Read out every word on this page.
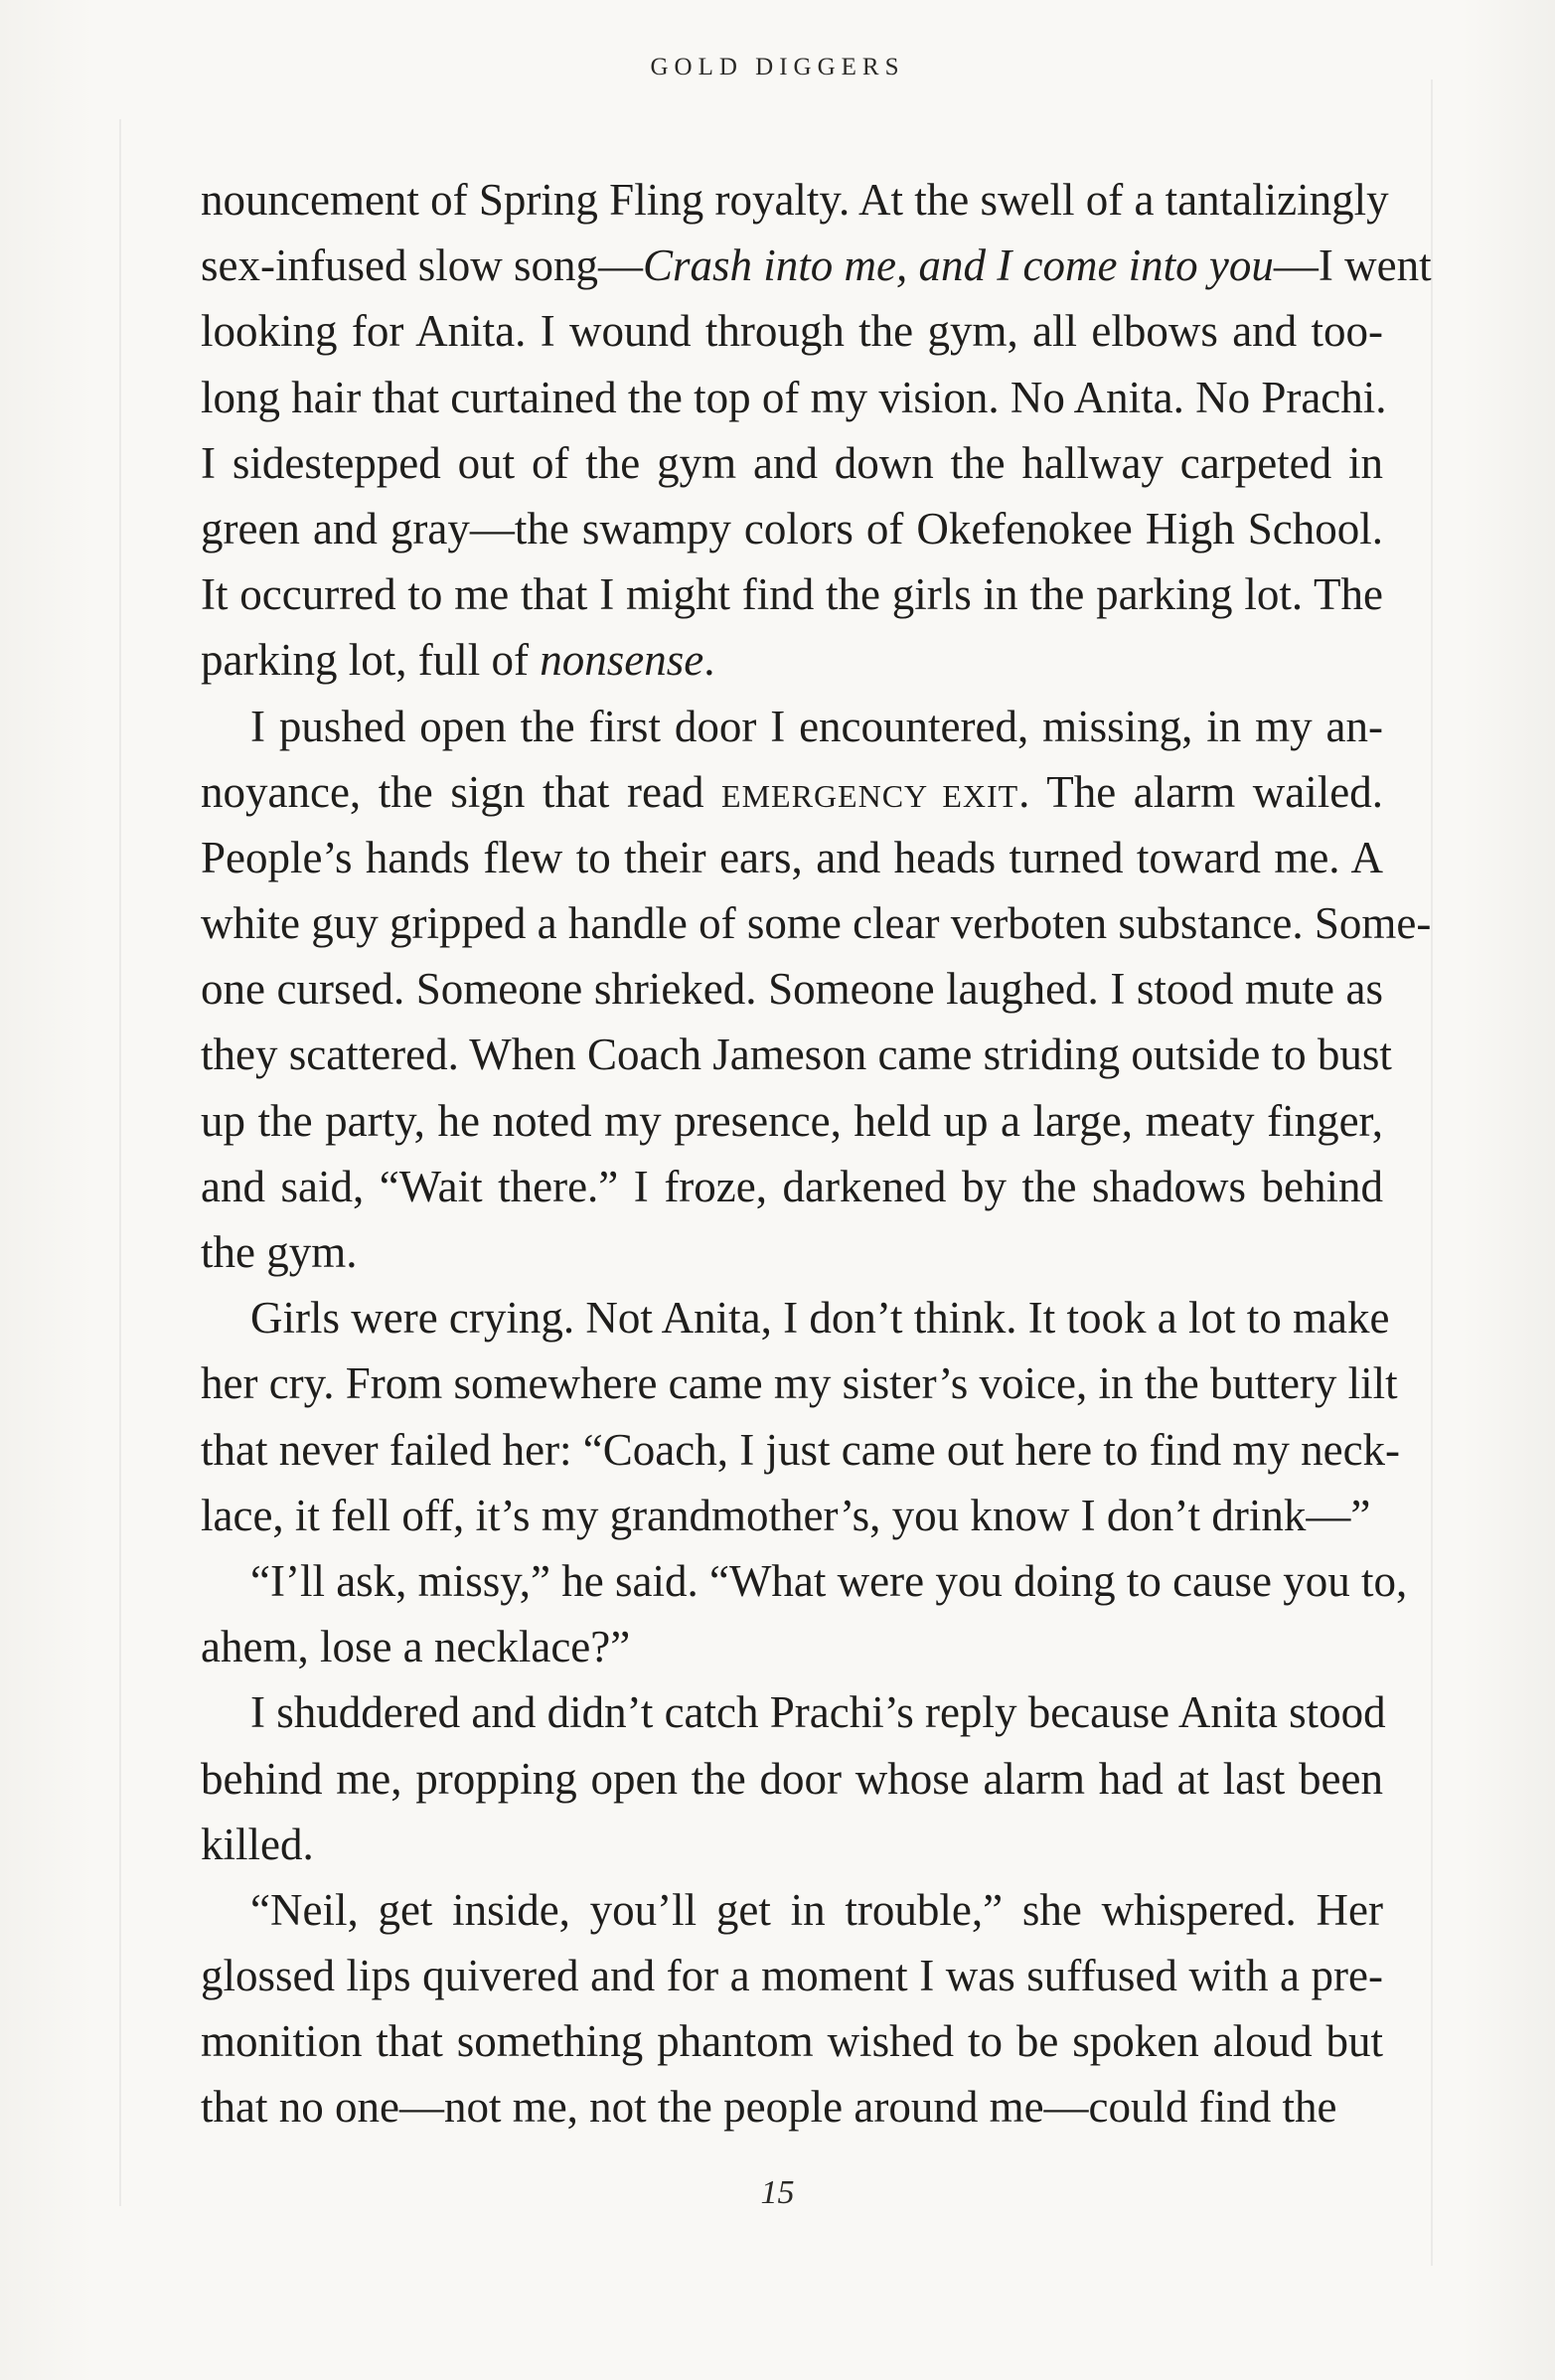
GOLD DIGGERS
nouncement of Spring Fling royalty. At the swell of a tantalizingly
sex-infused slow song—Crash into me, and I come into you—I went
looking for Anita. I wound through the gym, all elbows and too-
long hair that curtained the top of my vision. No Anita. No Prachi.
I sidestepped out of the gym and down the hallway carpeted in
green and gray—the swampy colors of Okefenokee High School.
It occurred to me that I might find the girls in the parking lot. The
parking lot, full of nonsense.
I pushed open the first door I encountered, missing, in my an-
noyance, the sign that read EMERGENCY EXIT. The alarm wailed.
People’s hands flew to their ears, and heads turned toward me. A
white guy gripped a handle of some clear verboten substance. Some-
one cursed. Someone shrieked. Someone laughed. I stood mute as
they scattered. When Coach Jameson came striding outside to bust
up the party, he noted my presence, held up a large, meaty finger,
and said, “Wait there.” I froze, darkened by the shadows behind
the gym.
Girls were crying. Not Anita, I don’t think. It took a lot to make
her cry. From somewhere came my sister’s voice, in the buttery lilt
that never failed her: “Coach, I just came out here to find my neck-
lace, it fell off, it’s my grandmother’s, you know I don’t drink—”
“I’ll ask, missy,” he said. “What were you doing to cause you to,
ahem, lose a necklace?”
I shuddered and didn’t catch Prachi’s reply because Anita stood
behind me, propping open the door whose alarm had at last been
killed.
“Neil, get inside, you’ll get in trouble,” she whispered. Her
glossed lips quivered and for a moment I was suffused with a pre-
monition that something phantom wished to be spoken aloud but
that no one—not me, not the people around me—could find the
15
